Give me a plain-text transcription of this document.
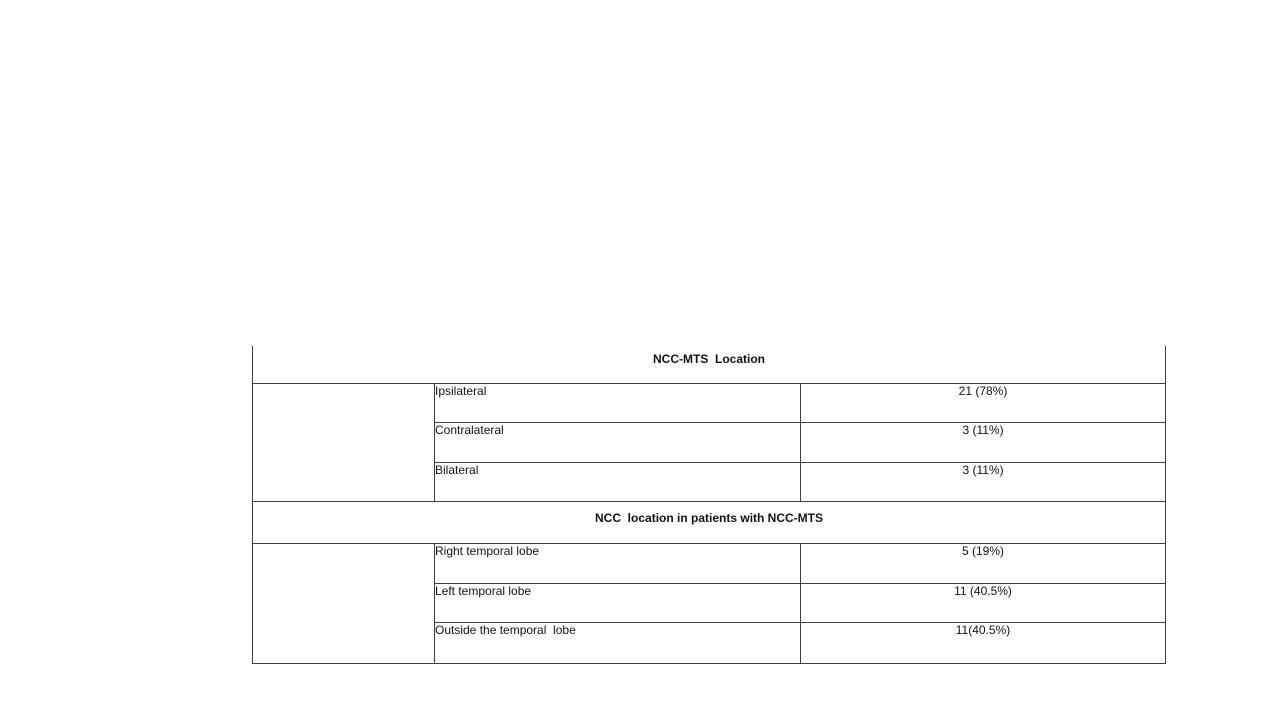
NCC-MTS  Location		
	Ipsilateral	21 (78%)
	Contralateral	3 (11%)
	Bilateral	3 (11%)
NCC  location in patients with NCC-MTS		
	Right temporal lobe	5 (19%)
	Left temporal lobe	11 (40.5%)
	Outside the temporal  lobe	11(40.5%)
